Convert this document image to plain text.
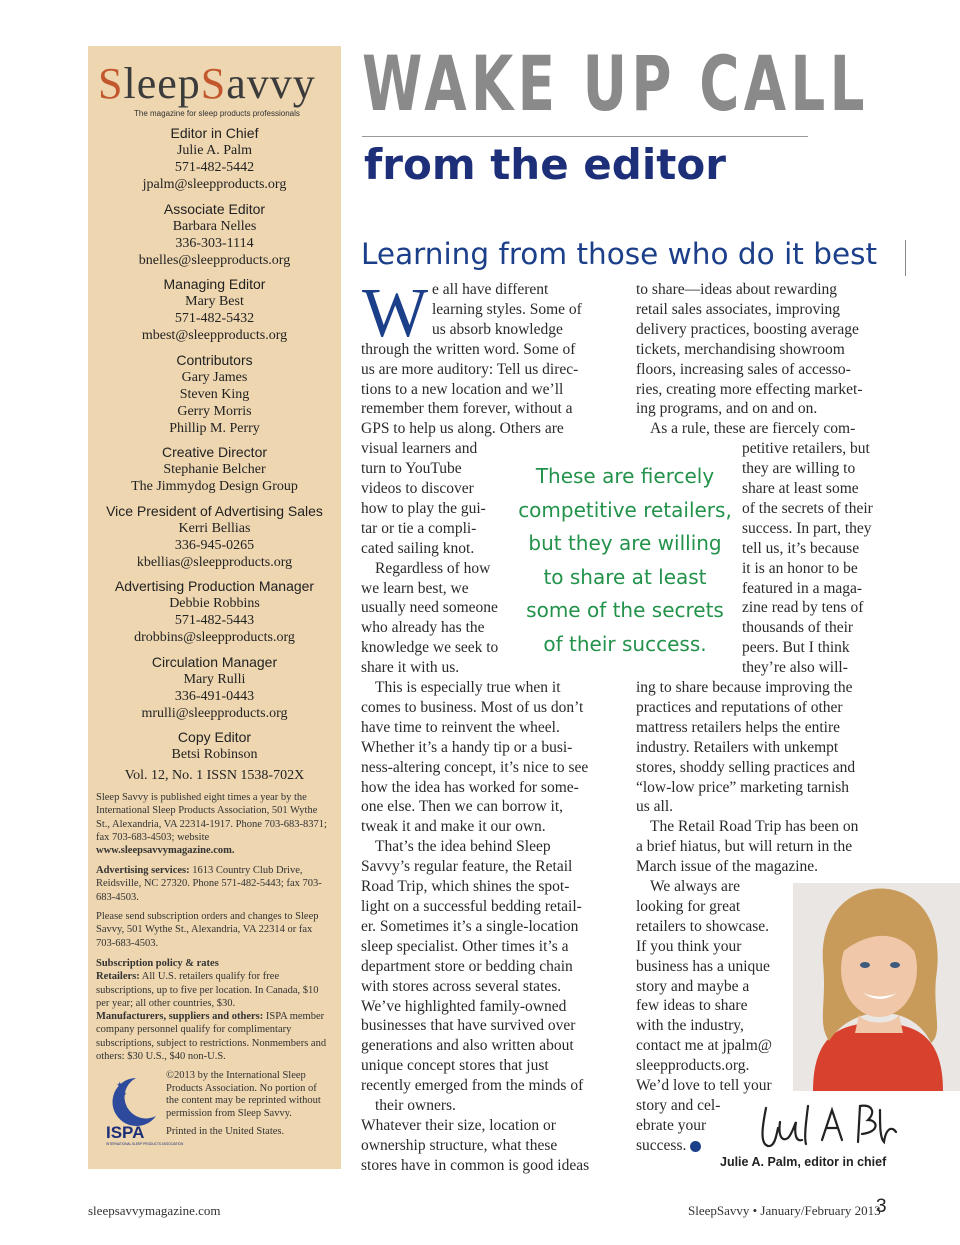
SleepSavvy
The magazine for sleep products professionals
Editor in Chief
Julie A. Palm
571-482-5442
jpalm@sleepproducts.org
Associate Editor
Barbara Nelles
336-303-1114
bnelles@sleepproducts.org
Managing Editor
Mary Best
571-482-5432
mbest@sleepproducts.org
Contributors
Gary James
Steven King
Gerry Morris
Phillip M. Perry
Creative Director
Stephanie Belcher
The Jimmydog Design Group
Vice President of Advertising Sales
Kerri Bellias
336-945-0265
kbellias@sleepproducts.org
Advertising Production Manager
Debbie Robbins
571-482-5443
drobbins@sleepproducts.org
Circulation Manager
Mary Rulli
336-491-0443
mrulli@sleepproducts.org
Copy Editor
Betsi Robinson
Vol. 12, No. 1 ISSN 1538-702X
Sleep Savvy is published eight times a year by the International Sleep Products Association, 501 Wythe St., Alexandria, VA 22314-1917. Phone 703-683-8371; fax 703-683-4503; website www.sleepsavvymagazine.com.
Advertising services: 1613 Country Club Drive, Reidsville, NC 27320. Phone 571-482-5443; fax 703-683-4503.
Please send subscription orders and changes to Sleep Savvy, 501 Wythe St., Alexandria, VA 22314 or fax 703-683-4503.
Subscription policy & rates
Retailers: All U.S. retailers qualify for free subscriptions, up to five per location. In Canada, $10 per year; all other countries, $30.
Manufacturers, suppliers and others: ISPA member company personnel qualify for complimentary subscriptions, subject to restrictions. Nonmembers and others: $30 U.S., $40 non-U.S.
✦ ✦
✦
ISPA
INTERNATIONAL SLEEP PRODUCTS ASSOCIATION
©2013 by the International Sleep Products Association. No portion of the content may be reprinted without permission from Sleep Savvy.
Printed in the United States.
WAKE UP CALL
from the editor
Learning from those who do it best
W e all have different
learning styles. Some of
us absorb knowledge
through the written word. Some of
us are more auditory: Tell us direc-
tions to a new location and we’ll
remember them forever, without a
GPS to help us along. Others are
visual learners and
turn to YouTube
videos to discover
how to play the gui-
tar or tie a compli-
cated sailing knot.
Regardless of how
we learn best, we
usually need someone
who already has the
knowledge we seek to
share it with us.
This is especially true when it
comes to business. Most of us don’t
have time to reinvent the wheel.
Whether it’s a handy tip or a busi-
ness-altering concept, it’s nice to see
how the idea has worked for some-
one else. Then we can borrow it,
tweak it and make it our own.
That’s the idea behind Sleep
Savvy’s regular feature, the Retail
Road Trip, which shines the spot-
light on a successful bedding retail-
er. Sometimes it’s a single-location
sleep specialist. Other times it’s a
department store or bedding chain
with stores across several states.
We’ve highlighted family-owned
businesses that have survived over
generations and also written about
unique concept stores that just
recently emerged from the minds of
their owners.
Whatever their size, location or
ownership structure, what these
stores have in common is good ideas
These are fiercely
competitive retailers,
but they are willing
to share at least
some of the secrets
of their success.
to share—ideas about rewarding
retail sales associates, improving
delivery practices, boosting average
tickets, merchandising showroom
floors, increasing sales of accesso-
ries, creating more effecting market-
ing programs, and on and on.
As a rule, these are fiercely com-
petitive retailers, but
they are willing to
share at least some
of the secrets of their
success. In part, they
tell us, it’s because
it is an honor to be
featured in a maga-
zine read by tens of
thousands of their
peers. But I think
they’re also will-
ing to share because improving the
practices and reputations of other
mattress retailers helps the entire
industry. Retailers with unkempt
stores, shoddy selling practices and
“low-low price” marketing tarnish
us all.
The Retail Road Trip has been on
a brief hiatus, but will return in the
March issue of the magazine.
We always are
looking for great
retailers to showcase.
If you think your
business has a unique
story and maybe a
few ideas to share
with the industry,
contact me at jpalm@
sleepproducts.org.
We’d love to tell your
story and cel-
ebrate your
success.
Julie A. Palm, editor in chief
sleepsavvymagazine.com	SleepSavvy • January/February 2013
3
